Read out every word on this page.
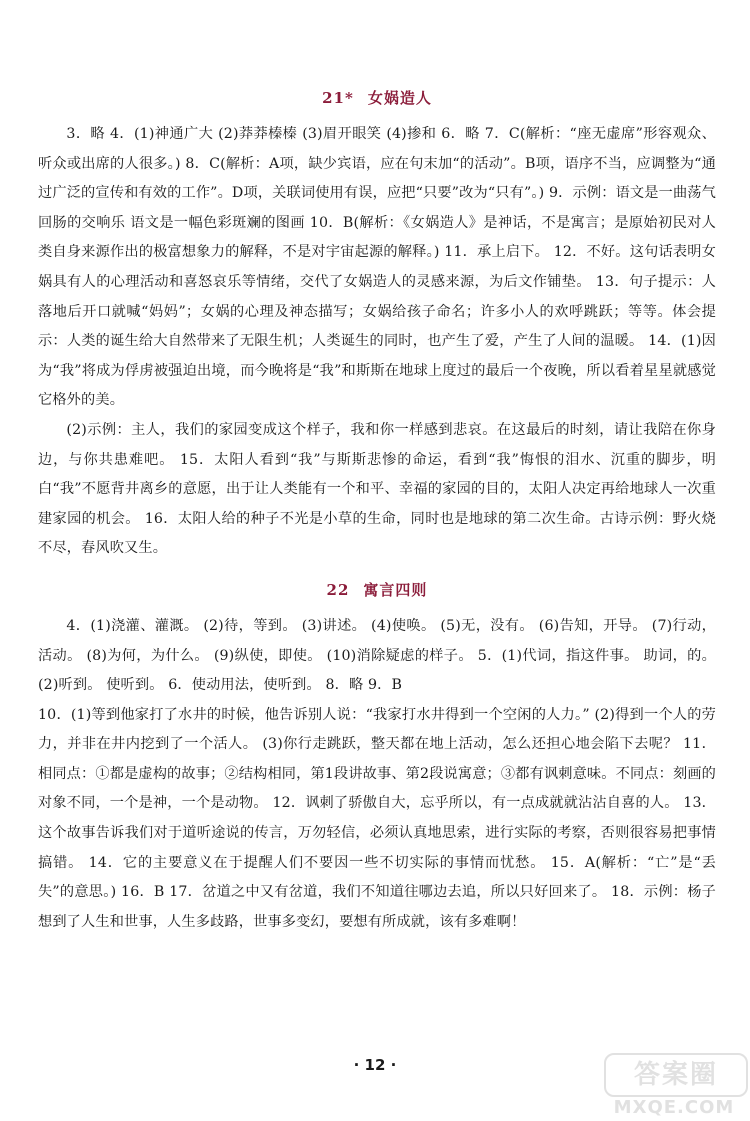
21* 女娲造人

3．略 4．(1)神通广大 (2)莽莽榛榛 (3)眉开眼笑 (4)掺和 6．略 7．C(解析：“座无虚席”形容观众、听众或出席的人很多。) 8．C(解析：A项，缺少宾语，应在句末加“的活动”。B项，语序不当，应调整为“通过广泛的宣传和有效的工作”。D项，关联词使用有误，应把“只要”改为“只有”。) 9．示例：语文是一曲荡气回肠的交响乐 语文是一幅色彩斑斓的图画 10．B(解析：《女娲造人》是神话，不是寓言；是原始初民对人类自身来源作出的极富想象力的解释，不是对宇宙起源的解释。) 11．承上启下。 12．不好。这句话表明女娲具有人的心理活动和喜怒哀乐等情绪，交代了女娲造人的灵感来源，为后文作铺垫。 13．句子提示：人落地后开口就喊“妈妈”；女娲的心理及神态描写；女娲给孩子命名；许多小人的欢呼跳跃；等等。体会提示：人类的诞生给大自然带来了无限生机；人类诞生的同时，也产生了爱，产生了人间的温暖。 14．(1)因为“我”将成为俘虏被强迫出境，而今晚将是“我”和斯斯在地球上度过的最后一个夜晚，所以看着星星就感觉它格外的美。

(2)示例：主人，我们的家园变成这个样子，我和你一样感到悲哀。在这最后的时刻，请让我陪在你身边，与你共患难吧。 15．太阳人看到“我”与斯斯悲惨的命运，看到“我”悔恨的泪水、沉重的脚步，明白“我”不愿背井离乡的意愿，出于让人类能有一个和平、幸福的家园的目的，太阳人决定再给地球人一次重建家园的机会。 16．太阳人给的种子不光是小草的生命，同时也是地球的第二次生命。古诗示例：野火烧不尽，春风吹又生。

22 寓言四则

4．(1)浇灌、灌溉。 (2)待，等到。 (3)讲述。 (4)使唤。 (5)无，没有。 (6)告知，开导。 (7)行动，活动。 (8)为何，为什么。 (9)纵使，即使。 (10)消除疑虑的样子。 5．(1)代词，指这件事。 助词，的。 (2)听到。 使听到。 6．使动用法，使听到。 8．略 9．B

10．(1)等到他家打了水井的时候，他告诉别人说：“我家打水井得到一个空闲的人力。” (2)得到一个人的劳力，并非在井内挖到了一个活人。 (3)你行走跳跃，整天都在地上活动，怎么还担心地会陷下去呢？ 11．相同点：①都是虚构的故事；②结构相同，第1段讲故事、第2段说寓意；③都有讽刺意味。不同点：刻画的对象不同，一个是神，一个是动物。 12．讽刺了骄傲自大，忘乎所以，有一点成就就沾沾自喜的人。 13．这个故事告诉我们对于道听途说的传言，万勿轻信，必须认真地思索，进行实际的考察，否则很容易把事情搞错。 14．它的主要意义在于提醒人们不要因一些不切实际的事情而忧愁。 15．A(解析：“亡”是“丢失”的意思。) 16．B 17．岔道之中又有岔道，我们不知道往哪边去追，所以只好回来了。 18．示例：杨子想到了人生和世事，人生多歧路，世事多变幻，要想有所成就，该有多难啊！

· 12 ·	答案圈
MXQE.COM
